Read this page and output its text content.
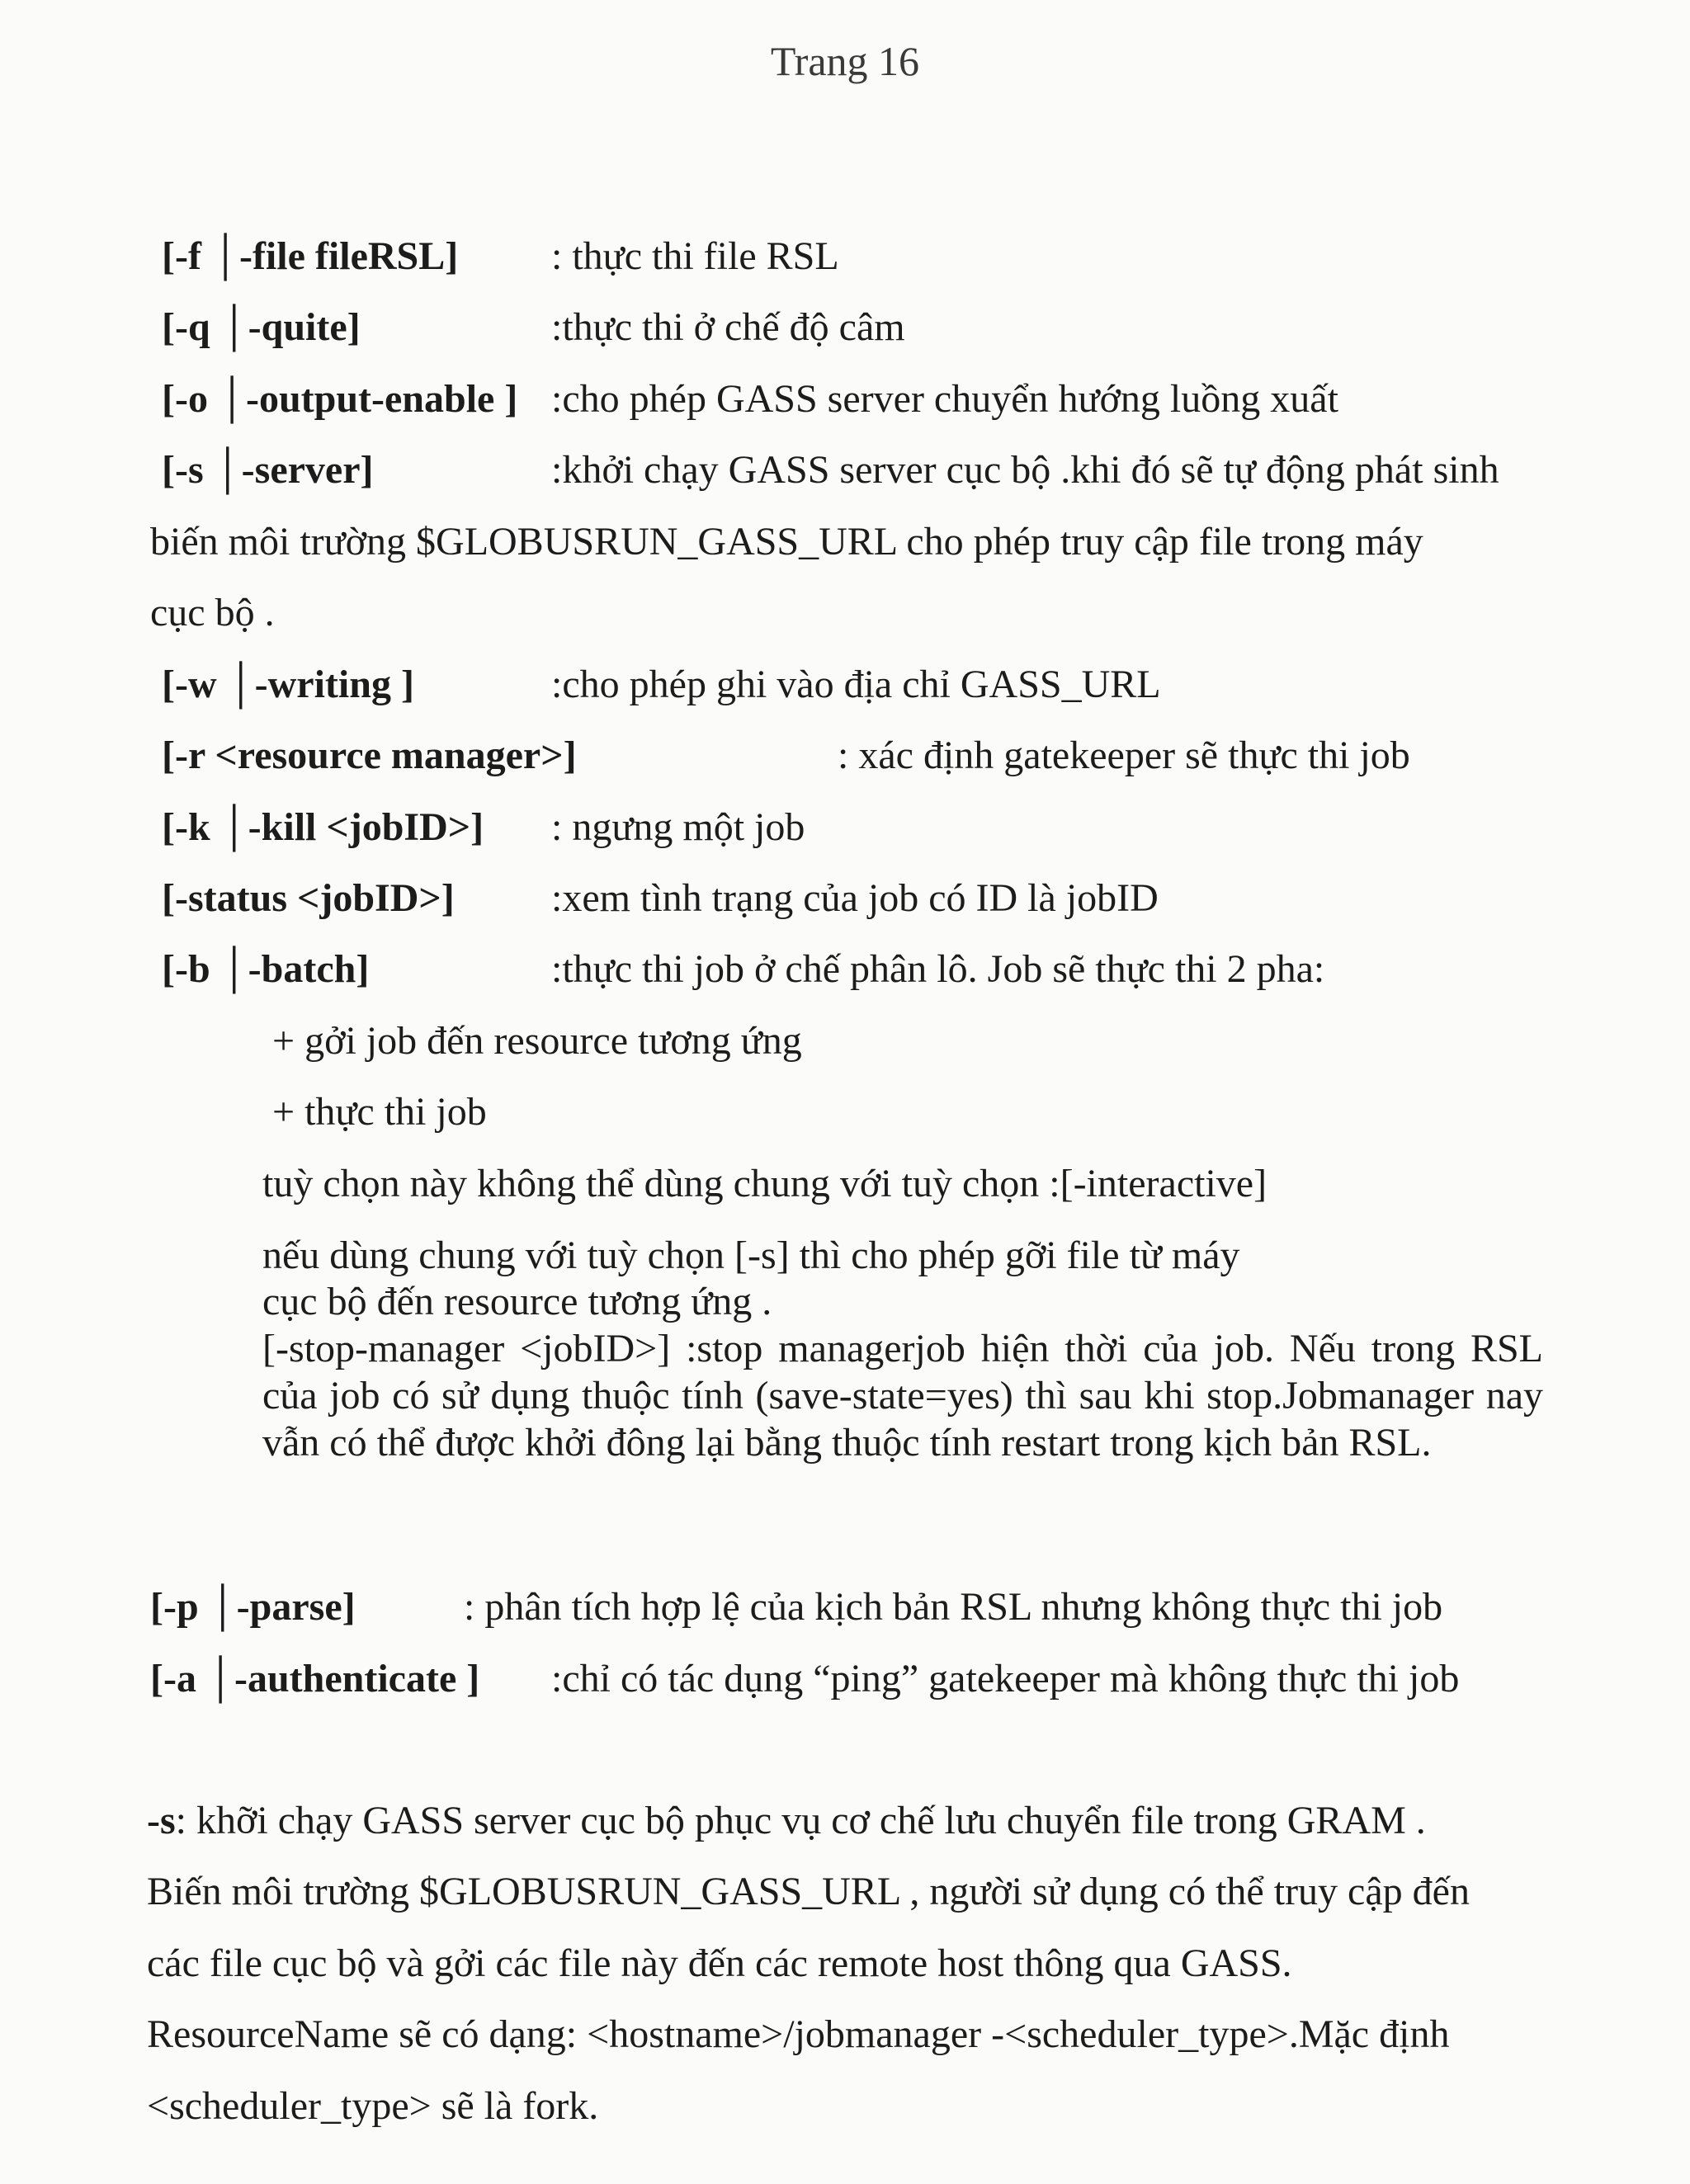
Trang 16
[-f │-file fileRSL] : thực thi file RSL
[-q │-quite]	:thực thi ở chế độ câm
[-o │-output-enable ] :cho phép GASS server chuyển hướng luồng xuất
[-s │-server]	:khởi chạy GASS server cục bộ .khi đó sẽ tự động phát sinh
biến môi trường $GLOBUSRUN_GASS_URL cho phép truy cập file trong máy
cục bộ .
[-w │-writing ]	:cho phép ghi vào địa chỉ GASS_URL
[-r <resource manager>]	: xác định gatekeeper sẽ thực thi job
[-k │-kill <jobID>] : ngưng một job
[-status <jobID>] :xem tình trạng của job có ID là jobID
[-b │-batch]	:thực thi job ở chế phân lô. Job sẽ thực thi 2 pha:
+ gởi job đến resource tương ứng
+ thực thi job
tuỳ chọn này không thể dùng chung với tuỳ chọn :[-interactive]
nếu dùng chung với tuỳ chọn [-s] thì cho phép gỡi file từ máy
cục bộ đến resource tương ứng .
[-stop-manager <jobID>] :stop managerjob hiện thời của job. Nếu trong RSL của job có sử dụng thuộc tính (save-state=yes) thì sau khi stop.Jobmanager nay vẫn có thể được khởi đông lại bằng thuộc tính restart trong kịch bản RSL.
[-p │-parse]	: phân tích hợp lệ của kịch bản RSL nhưng không thực thi job
[-a │-authenticate ] :chỉ có tác dụng “ping” gatekeeper mà không thực thi job
-s: khỡi chạy GASS server cục bộ phục vụ cơ chế lưu chuyển file trong GRAM .
Biến môi trường $GLOBUSRUN_GASS_URL , người sử dụng có thể truy cập đến
các file cục bộ và gởi các file này đến các remote host thông qua GASS.
ResourceName sẽ có dạng: <hostname>/jobmanager -<scheduler_type>.Mặc định
<scheduler_type> sẽ là fork.
